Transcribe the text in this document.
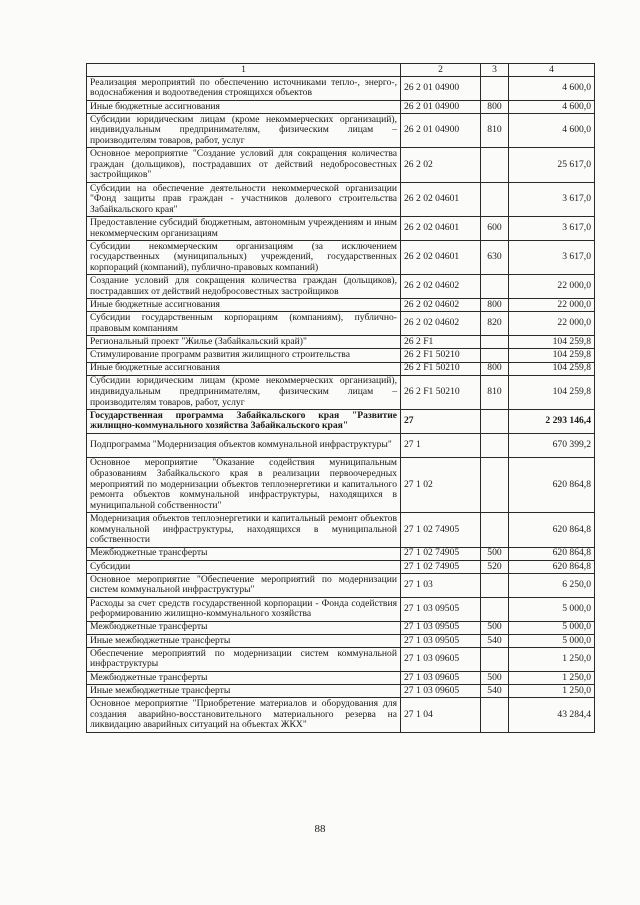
1	2	3	4
Реализация мероприятий по обеспечению источниками тепло-, энерго-, водоснабжения и водоотведения строящихся объектов	26 2 01 04900		4 600,0
Иные бюджетные ассигнования	26 2 01 04900	800	4 600,0
Субсидии юридическим лицам (кроме некоммерческих организаций), индивидуальным предпринимателям, физическим лицам – производителям товаров, работ, услуг	26 2 01 04900	810	4 600,0
Основное мероприятие "Создание условий для сокращения количества граждан (дольщиков), пострадавших от действий недобросовестных застройщиков"	26 2 02		25 617,0
Субсидии на обеспечение деятельности некоммерческой организации "Фонд защиты прав граждан - участников долевого строительства Забайкальского края"	26 2 02 04601		3 617,0
Предоставление субсидий бюджетным, автономным учреждениям и иным некоммерческим организациям	26 2 02 04601	600	3 617,0
Субсидии некоммерческим организациям (за исключением государственных (муниципальных) учреждений, государственных корпораций (компаний), публично-правовых компаний)	26 2 02 04601	630	3 617,0
Создание условий для сокращения количества граждан (дольщиков), пострадавших от действий недобросовестных застройщиков	26 2 02 04602		22 000,0
Иные бюджетные ассигнования	26 2 02 04602	800	22 000,0
Субсидии государственным корпорациям (компаниям), публично-правовым компаниям	26 2 02 04602	820	22 000,0
Региональный проект "Жилье (Забайкальский край)"	26 2 F1		104 259,8
Стимулирование программ развития жилищного строительства	26 2 F1 50210		104 259,8
Иные бюджетные ассигнования	26 2 F1 50210	800	104 259,8
Субсидии юридическим лицам (кроме некоммерческих организаций), индивидуальным предпринимателям, физическим лицам – производителям товаров, работ, услуг	26 2 F1 50210	810	104 259,8
Государственная программа Забайкальского края "Развитие жилищно-коммунального хозяйства Забайкальского края"	27		2 293 146,4
Подпрограмма "Модернизация объектов коммунальной инфраструктуры"	27 1		670 399,2
Основное мероприятие "Оказание содействия муниципальным образованиям Забайкальского края в реализации первоочередных мероприятий по модернизации объектов теплоэнергетики и капитального ремонта объектов коммунальной инфраструктуры, находящихся в муниципальной собственности"	27 1 02		620 864,8
Модернизация объектов теплоэнергетики и капитальный ремонт объектов коммунальной инфраструктуры, находящихся в муниципальной собственности	27 1 02 74905		620 864,8
Межбюджетные трансферты	27 1 02 74905	500	620 864,8
Субсидии	27 1 02 74905	520	620 864,8
Основное мероприятие "Обеспечение мероприятий по модернизации систем коммунальной инфраструктуры"	27 1 03		6 250,0
Расходы за счет средств государственной корпорации - Фонда содействия реформированию жилищно-коммунального хозяйства	27 1 03 09505		5 000,0
Межбюджетные трансферты	27 1 03 09505	500	5 000,0
Иные межбюджетные трансферты	27 1 03 09505	540	5 000,0
Обеспечение мероприятий по модернизации систем коммунальной инфраструктуры	27 1 03 09605		1 250,0
Межбюджетные трансферты	27 1 03 09605	500	1 250,0
Иные межбюджетные трансферты	27 1 03 09605	540	1 250,0
Основное мероприятие "Приобретение материалов и оборудования для создания аварийно-восстановительного материального резерва на ликвидацию аварийных ситуаций на объектах ЖКХ"	27 1 04		43 284,4
88
